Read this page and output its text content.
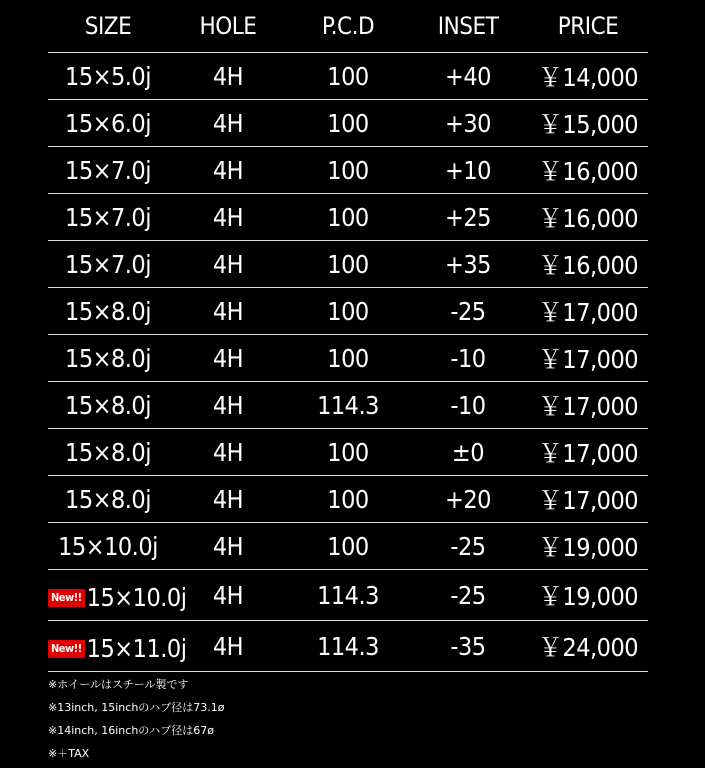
SIZE	HOLE	P.C.D	INSET	PRICE
15×5.0j	4H	100	+40	￥14,000
15×6.0j	4H	100	+30	￥15,000
15×7.0j	4H	100	+10	￥16,000
15×7.0j	4H	100	+25	￥16,000
15×7.0j	4H	100	+35	￥16,000
15×8.0j	4H	100	-25	￥17,000
15×8.0j	4H	100	-10	￥17,000
15×8.0j	4H	114.3	-10	￥17,000
15×8.0j	4H	100	±0	￥17,000
15×8.0j	4H	100	+20	￥17,000
15×10.0j	4H	100	-25	￥19,000
New!! 15×10.0j	4H	114.3	-25	￥19,000
New!! 15×11.0j	4H	114.3	-35	￥24,000
※ホイールはスチール製です
※13inch, 15inchのハブ径は73.1ø
※14inch, 16inchのハブ径は67ø
※＋TAX
